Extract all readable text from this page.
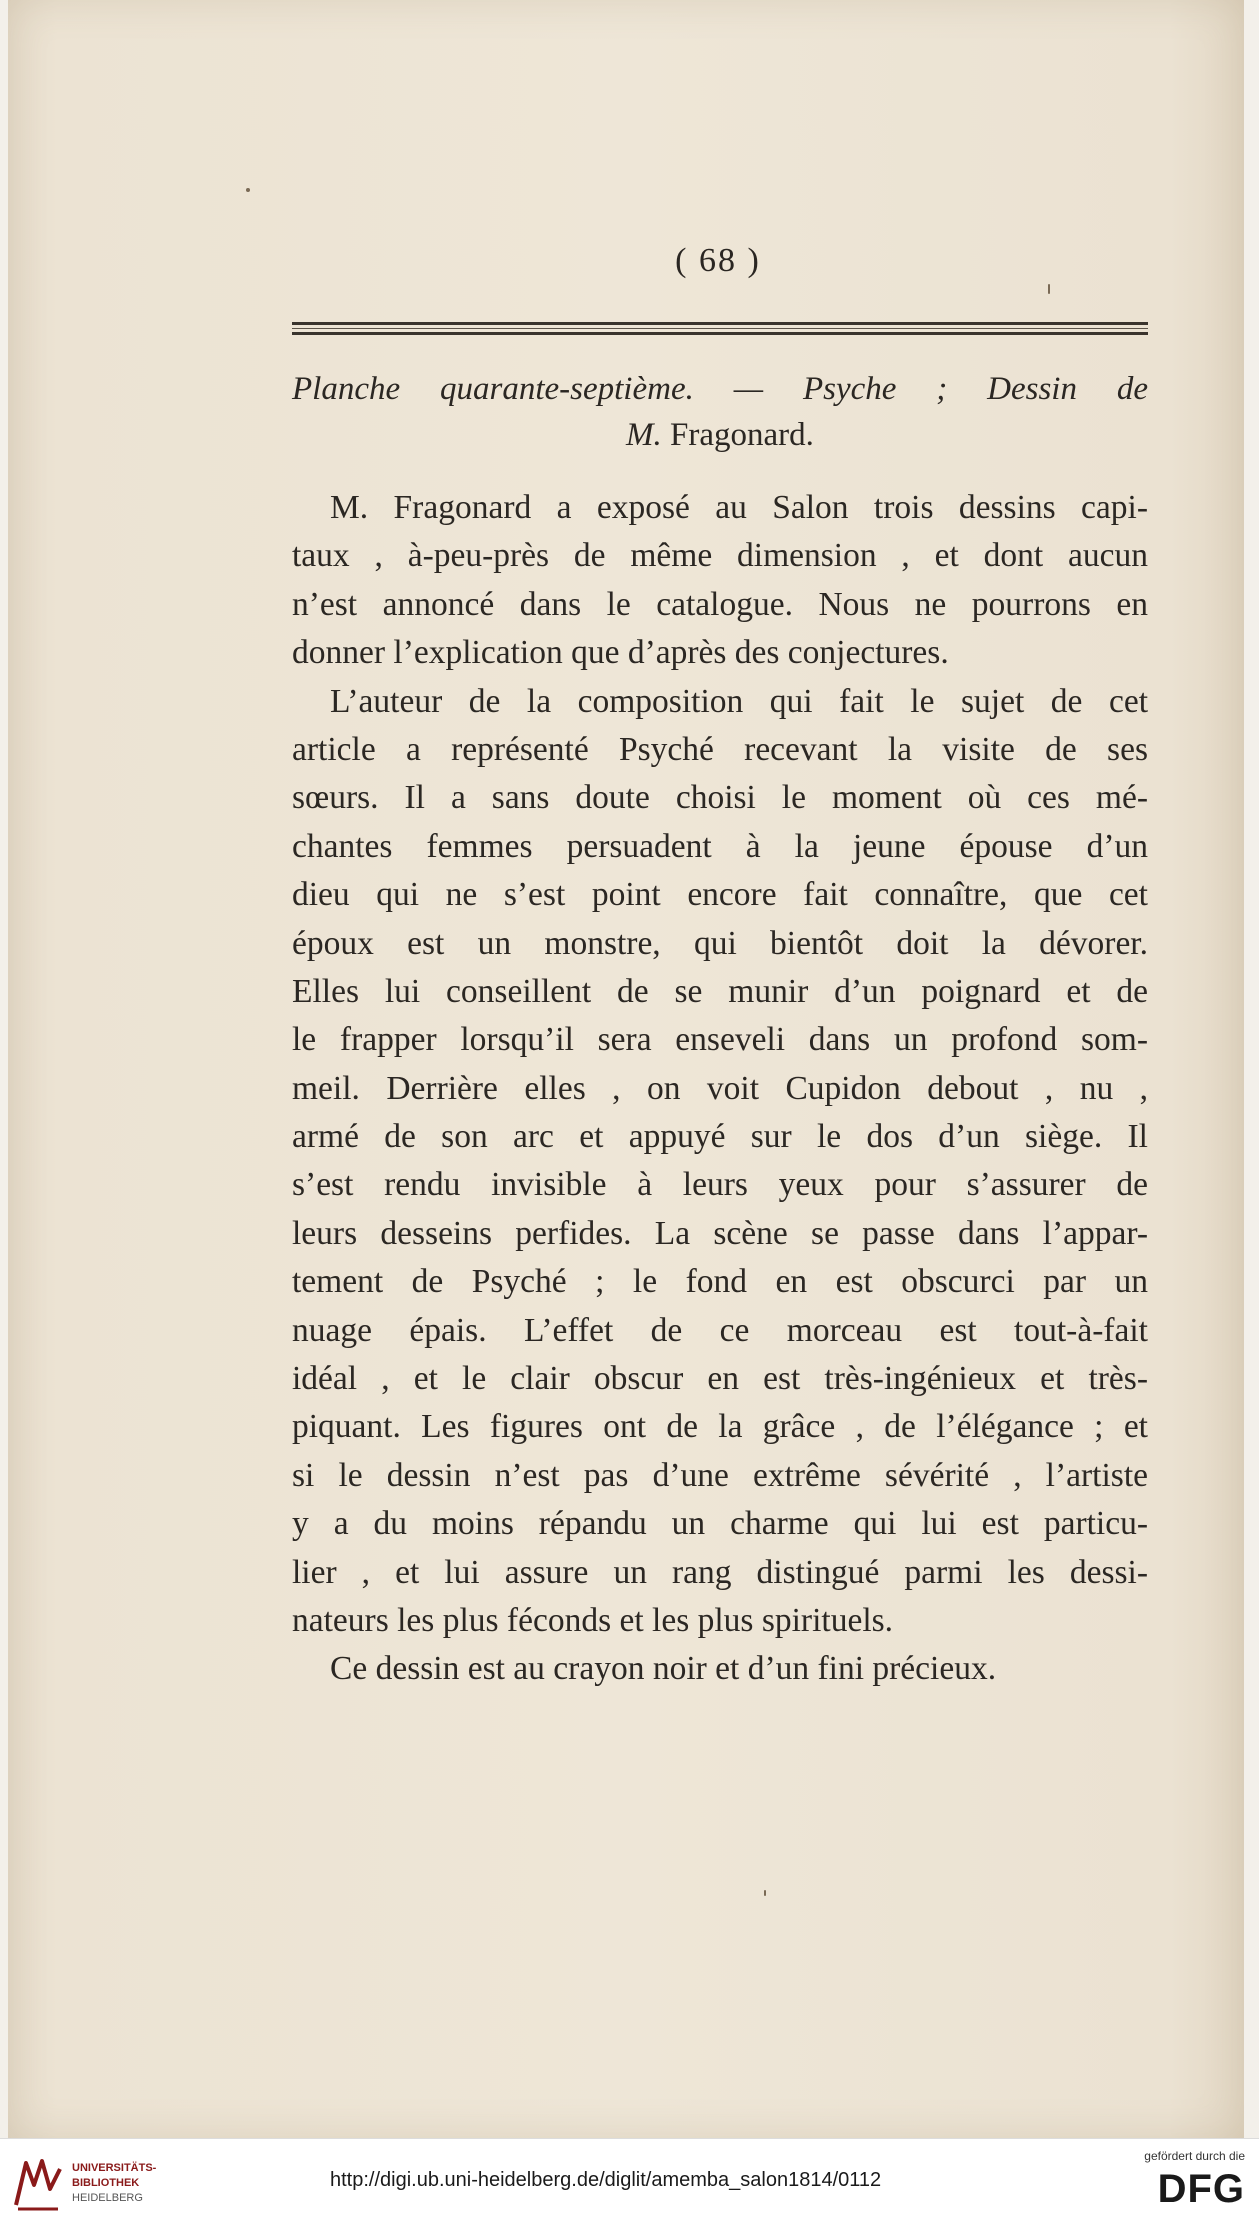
( 68 )
Planche quarante-septième. — Psyche ; Dessin de
M. Fragonard.
M. Fragonard a exposé au Salon trois dessins capi-
taux , à-peu-près de même dimension , et dont aucun
n’est annoncé dans le catalogue. Nous ne pourrons en
donner l’explication que d’après des conjectures.
L’auteur de la composition qui fait le sujet de cet
article a représenté Psyché recevant la visite de ses
sœurs. Il a sans doute choisi le moment où ces mé-
chantes femmes persuadent à la jeune épouse d’un
dieu qui ne s’est point encore fait connaître, que cet
époux est un monstre, qui bientôt doit la dévorer.
Elles lui conseillent de se munir d’un poignard et de
le frapper lorsqu’il sera enseveli dans un profond som-
meil. Derrière elles , on voit Cupidon debout , nu ,
armé de son arc et appuyé sur le dos d’un siège. Il
s’est rendu invisible à leurs yeux pour s’assurer de
leurs desseins perfides. La scène se passe dans l’appar-
tement de Psyché ; le fond en est obscurci par un
nuage épais. L’effet de ce morceau est tout-à-fait
idéal , et le clair obscur en est très-ingénieux et très-
piquant. Les figures ont de la grâce , de l’élégance ; et
si le dessin n’est pas d’une extrême sévérité , l’artiste
y a du moins répandu un charme qui lui est particu-
lier , et lui assure un rang distingué parmi les dessi-
nateurs les plus féconds et les plus spirituels.
Ce dessin est au crayon noir et d’un fini précieux.
UNIVERSITÄTS-
BIBLIOTHEK
HEIDELBERG
http://digi.ub.uni-heidelberg.de/diglit/amemba_salon1814/0112
gefördert durch die
DFG
